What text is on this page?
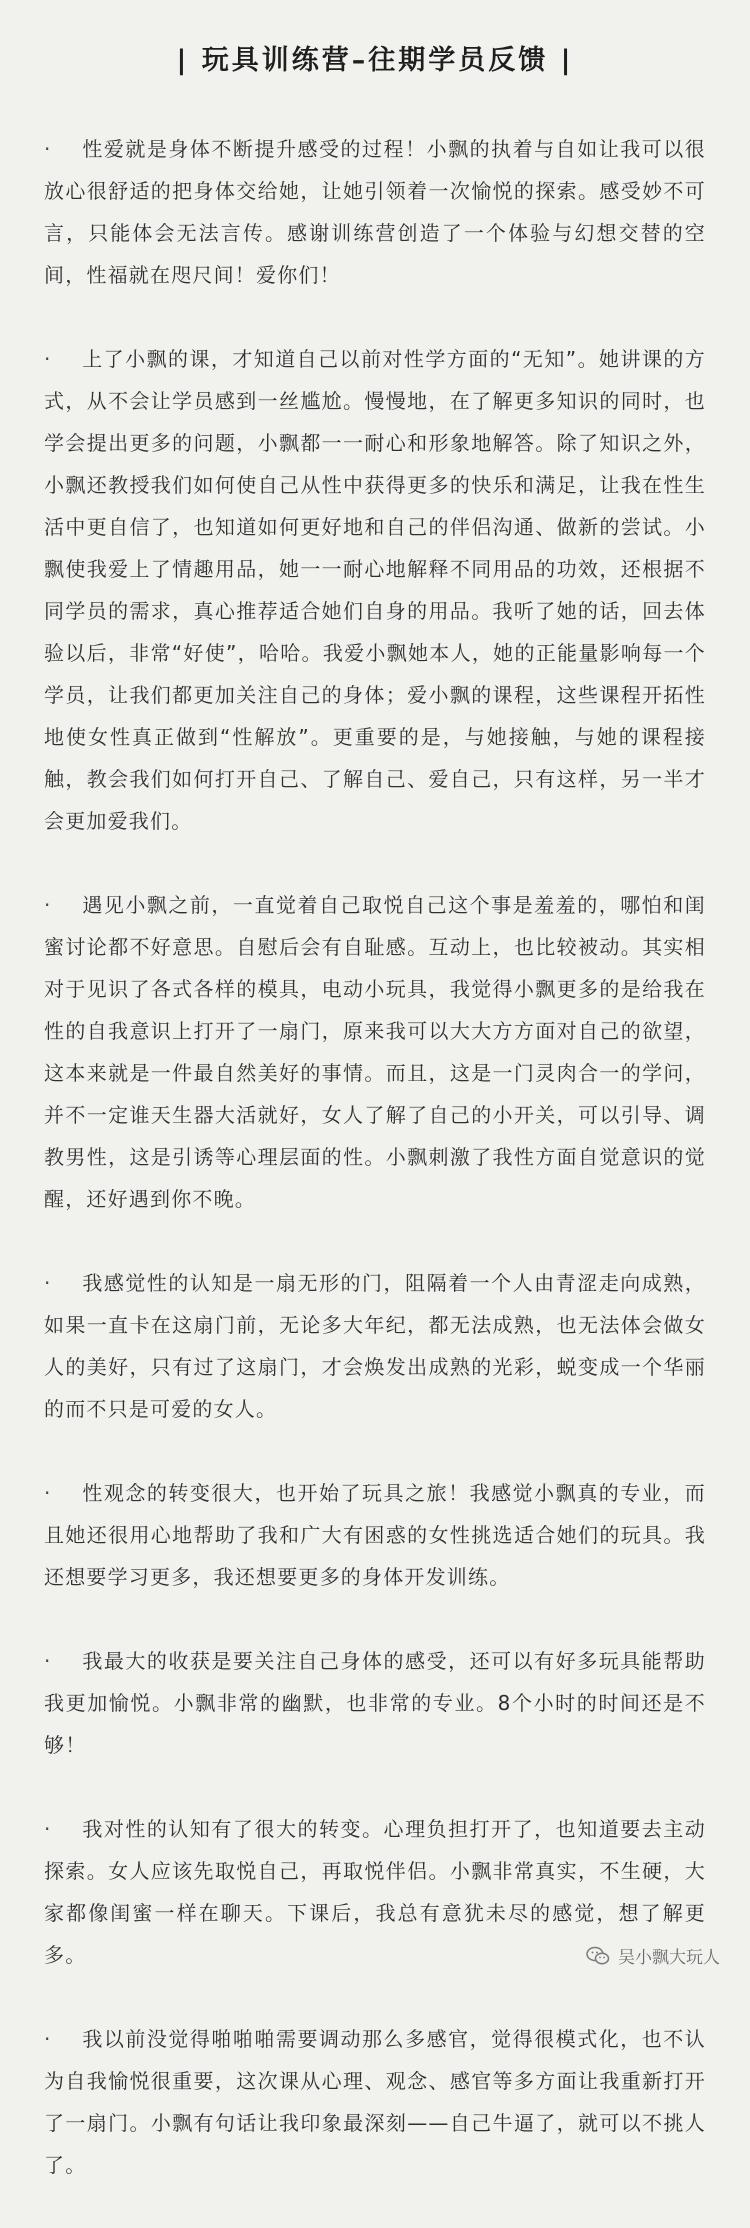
| 玩具训练营–往期学员反馈 |

· 性爱就是身体不断提升感受的过程！小飘的执着与自如让我可以很放心很舒适的把身体交给她，让她引领着一次愉悦的探索。感受妙不可言，只能体会无法言传。感谢训练营创造了一个体验与幻想交替的空间，性福就在咫尺间！爱你们！

· 上了小飘的课，才知道自己以前对性学方面的“无知”。她讲课的方式，从不会让学员感到一丝尴尬。慢慢地，在了解更多知识的同时，也学会提出更多的问题，小飘都一一耐心和形象地解答。除了知识之外，小飘还教授我们如何使自己从性中获得更多的快乐和满足，让我在性生活中更自信了，也知道如何更好地和自己的伴侣沟通、做新的尝试。小飘使我爱上了情趣用品，她一一耐心地解释不同用品的功效，还根据不同学员的需求，真心推荐适合她们自身的用品。我听了她的话，回去体验以后，非常“好使”，哈哈。我爱小飘她本人，她的正能量影响每一个学员，让我们都更加关注自己的身体；爱小飘的课程，这些课程开拓性地使女性真正做到“性解放”。更重要的是，与她接触，与她的课程接触，教会我们如何打开自己、了解自己、爱自己，只有这样，另一半才会更加爱我们。

· 遇见小飘之前，一直觉着自己取悦自己这个事是羞羞的，哪怕和闺蜜讨论都不好意思。自慰后会有自耻感。互动上，也比较被动。其实相对于见识了各式各样的模具，电动小玩具，我觉得小飘更多的是给我在性的自我意识上打开了一扇门，原来我可以大大方方面对自己的欲望，这本来就是一件最自然美好的事情。而且，这是一门灵肉合一的学问，并不一定谁天生器大活就好，女人了解了自己的小开关，可以引导、调教男性，这是引诱等心理层面的性。小飘刺激了我性方面自觉意识的觉醒，还好遇到你不晚。

· 我感觉性的认知是一扇无形的门，阻隔着一个人由青涩走向成熟，如果一直卡在这扇门前，无论多大年纪，都无法成熟，也无法体会做女人的美好，只有过了这扇门，才会焕发出成熟的光彩，蜕变成一个华丽的而不只是可爱的女人。

· 性观念的转变很大，也开始了玩具之旅！我感觉小飘真的专业，而且她还很用心地帮助了我和广大有困惑的女性挑选适合她们的玩具。我还想要学习更多，我还想要更多的身体开发训练。

· 我最大的收获是要关注自己身体的感受，还可以有好多玩具能帮助我更加愉悦。小飘非常的幽默，也非常的专业。8个小时的时间还是不够！

· 我对性的认知有了很大的转变。心理负担打开了，也知道要去主动探索。女人应该先取悦自己，再取悦伴侣。小飘非常真实，不生硬，大家都像闺蜜一样在聊天。下课后，我总有意犹未尽的感觉，想了解更多。

· 我以前没觉得啪啪啪需要调动那么多感官，觉得很模式化，也不认为自我愉悦很重要，这次课从心理、观念、感官等多方面让我重新打开了一扇门。小飘有句话让我印象最深刻——自己牛逼了，就可以不挑人了。

吴小飘大玩人
